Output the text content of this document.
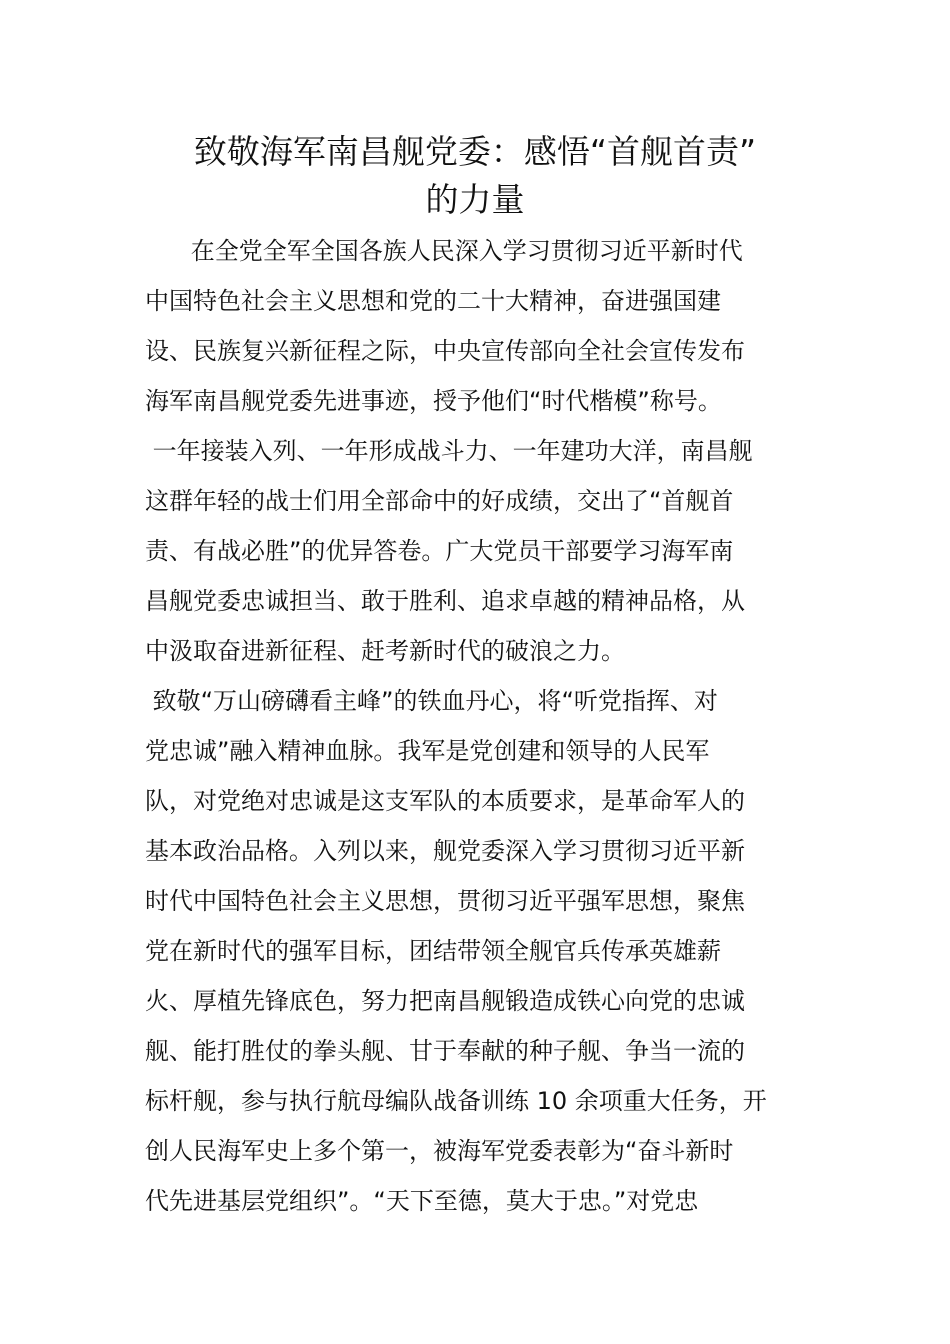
致敬海军南昌舰党委：感悟“首舰首责”
的力量
在全党全军全国各族人民深入学习贯彻习近平新时代
中国特色社会主义思想和党的二十大精神，奋进强国建
设、民族复兴新征程之际，中央宣传部向全社会宣传发布
海军南昌舰党委先进事迹，授予他们“时代楷模”称号。
一年接装入列、一年形成战斗力、一年建功大洋，南昌舰
这群年轻的战士们用全部命中的好成绩，交出了“首舰首
责、有战必胜”的优异答卷。广大党员干部要学习海军南
昌舰党委忠诚担当、敢于胜利、追求卓越的精神品格，从
中汲取奋进新征程、赶考新时代的破浪之力。
致敬“万山磅礴看主峰”的铁血丹心，将“听党指挥、对
党忠诚”融入精神血脉。我军是党创建和领导的人民军
队，对党绝对忠诚是这支军队的本质要求，是革命军人的
基本政治品格。入列以来，舰党委深入学习贯彻习近平新
时代中国特色社会主义思想，贯彻习近平强军思想，聚焦
党在新时代的强军目标，团结带领全舰官兵传承英雄薪
火、厚植先锋底色，努力把南昌舰锻造成铁心向党的忠诚
舰、能打胜仗的拳头舰、甘于奉献的种子舰、争当一流的
标杆舰，参与执行航母编队战备训练 10 余项重大任务，开
创人民海军史上多个第一，被海军党委表彰为“奋斗新时
代先进基层党组织”。“天下至德，莫大于忠。”对党忠
